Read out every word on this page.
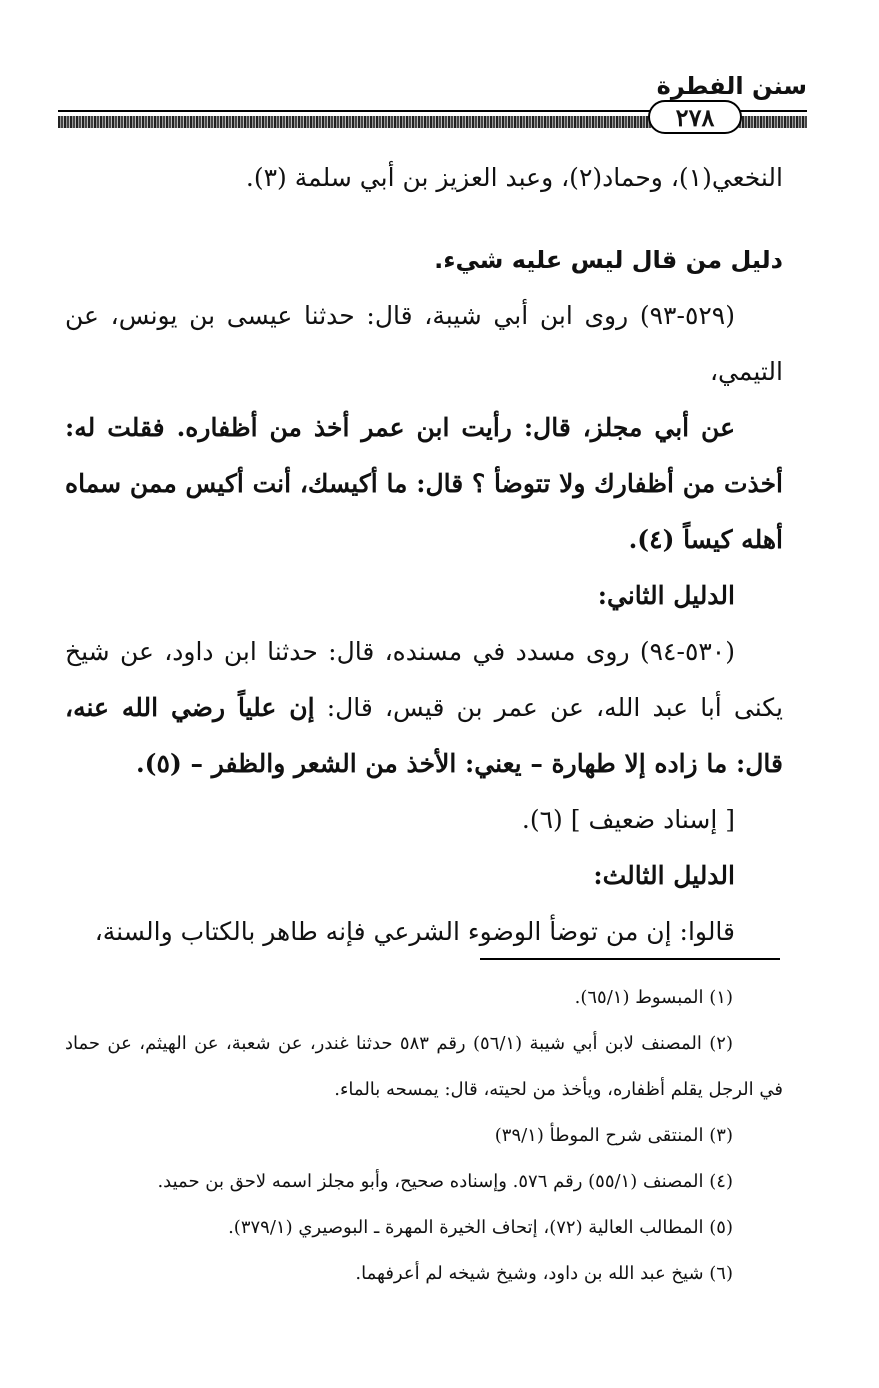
سنن الفطرة
٢٧٨

النخعي(١)، وحماد(٢)، وعبد العزيز بن أبي سلمة (٣).

دليل من قال ليس عليه شيء.

(٥٢٩-٩٣) روى ابن أبي شيبة، قال: حدثنا عيسى بن يونس، عن التيمي،

عن أبي مجلز، قال: رأيت ابن عمر أخذ من أظفاره. فقلت له: أخذت من أظفارك ولا تتوضأ ؟ قال: ما أكيسك، أنت أكيس ممن سماه أهله كيساً (٤).

الدليل الثاني:

(٥٣٠-٩٤) روى مسدد في مسنده، قال: حدثنا ابن داود، عن شيخ يكنى أبا عبد الله، عن عمر بن قيس، قال: إن علياً رضي الله عنه، قال: ما زاده إلا طهارة – يعني: الأخذ من الشعر والظفر – (٥).

[ إسناد ضعيف ] (٦).

الدليل الثالث:

قالوا: إن من توضأ الوضوء الشرعي فإنه طاهر بالكتاب والسنة،

(١) المبسوط (٦٥/١).

(٢) المصنف لابن أبي شيبة (٥٦/١) رقم ٥٨٣ حدثنا غندر، عن شعبة، عن الهيثم، عن حماد في الرجل يقلم أظفاره، ويأخذ من لحيته، قال: يمسحه بالماء.

(٣) المنتقى شرح الموطأ (٣٩/١)

(٤) المصنف (٥٥/١) رقم ٥٧٦. وإسناده صحيح، وأبو مجلز اسمه لاحق بن حميد.

(٥) المطالب العالية (٧٢)، إتحاف الخيرة المهرة ـ البوصيري (٣٧٩/١).

(٦) شيخ عبد الله بن داود، وشيخ شيخه لم أعرفهما.
